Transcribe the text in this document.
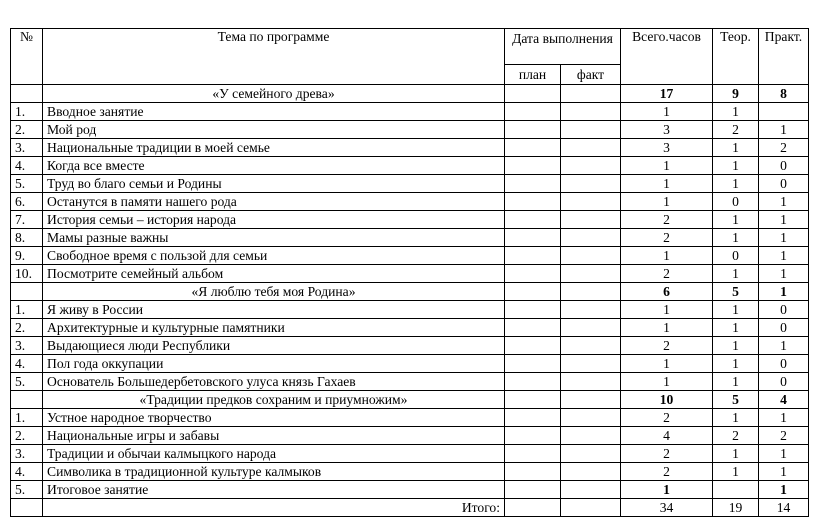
№	Тема по программе	Дата выполнения		Всего.часов	Теор.	Практ.
		план	факт			
	«У семейного древа»			17	9	8
1.	Вводное занятие			1	1	
2.	Мой род			3	2	1
3.	Национальные традиции в моей семье			3	1	2
4.	Когда все вместе			1	1	0
5.	Труд во благо семьи и Родины			1	1	0
6.	Останутся в памяти нашего рода			1	0	1
7.	История семьи – история народа			2	1	1
8.	Мамы разные важны			2	1	1
9.	Свободное время с пользой для семьи			1	0	1
10.	Посмотрите семейный альбом			2	1	1
	«Я люблю тебя моя Родина»			6	5	1
1.	Я живу в России			1	1	0
2.	Архитектурные и культурные памятники			1	1	0
3.	Выдающиеся люди Республики			2	1	1
4.	Пол года оккупации			1	1	0
5.	Основатель Большедербетовского улуса князь Гахаев			1	1	0
	«Традиции предков сохраним и приумножим»			10	5	4
1.	Устное народное творчество			2	1	1
2.	Национальные игры и забавы			4	2	2
3.	Традиции и обычаи калмыцкого народа			2	1	1
4.	Символика в традиционной культуре калмыков			2	1	1
5.	Итоговое занятие			1		1
	Итого:			34	19	14
